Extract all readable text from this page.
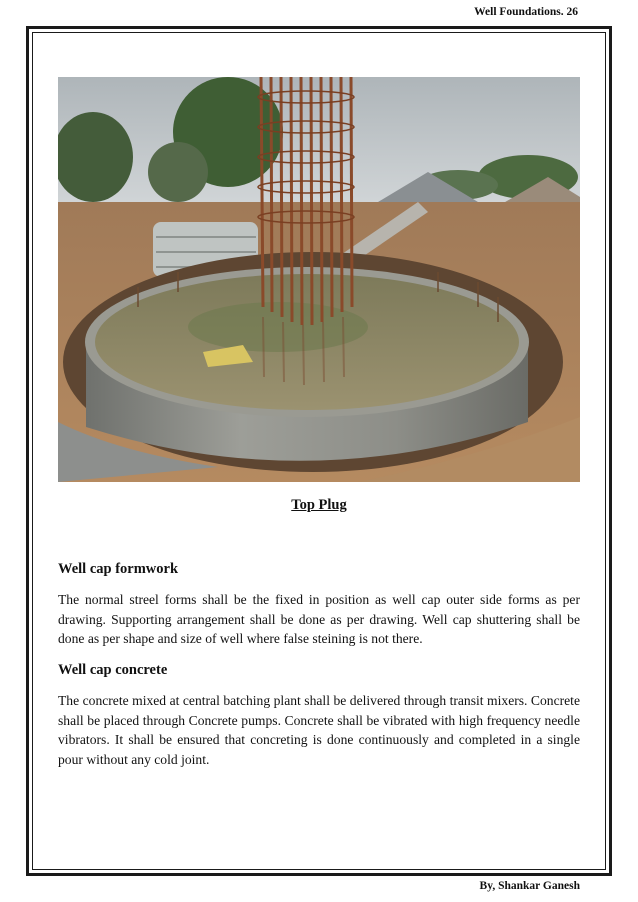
Well Foundations. 26
Top Plug
Well cap formwork

The normal streel forms shall be the fixed in position as well cap outer side forms as per drawing. Supporting arrangement shall be done as per drawing. Well cap shuttering shall be done as per shape and size of well where false steining is not there.

Well cap concrete

The concrete mixed at central batching plant shall be delivered through transit mixers. Concrete shall be placed through Concrete pumps. Concrete shall be vibrated with high frequency needle vibrators. It shall be ensured that concreting is done continuously and completed in a single pour without any cold joint.

By, Shankar Ganesh
